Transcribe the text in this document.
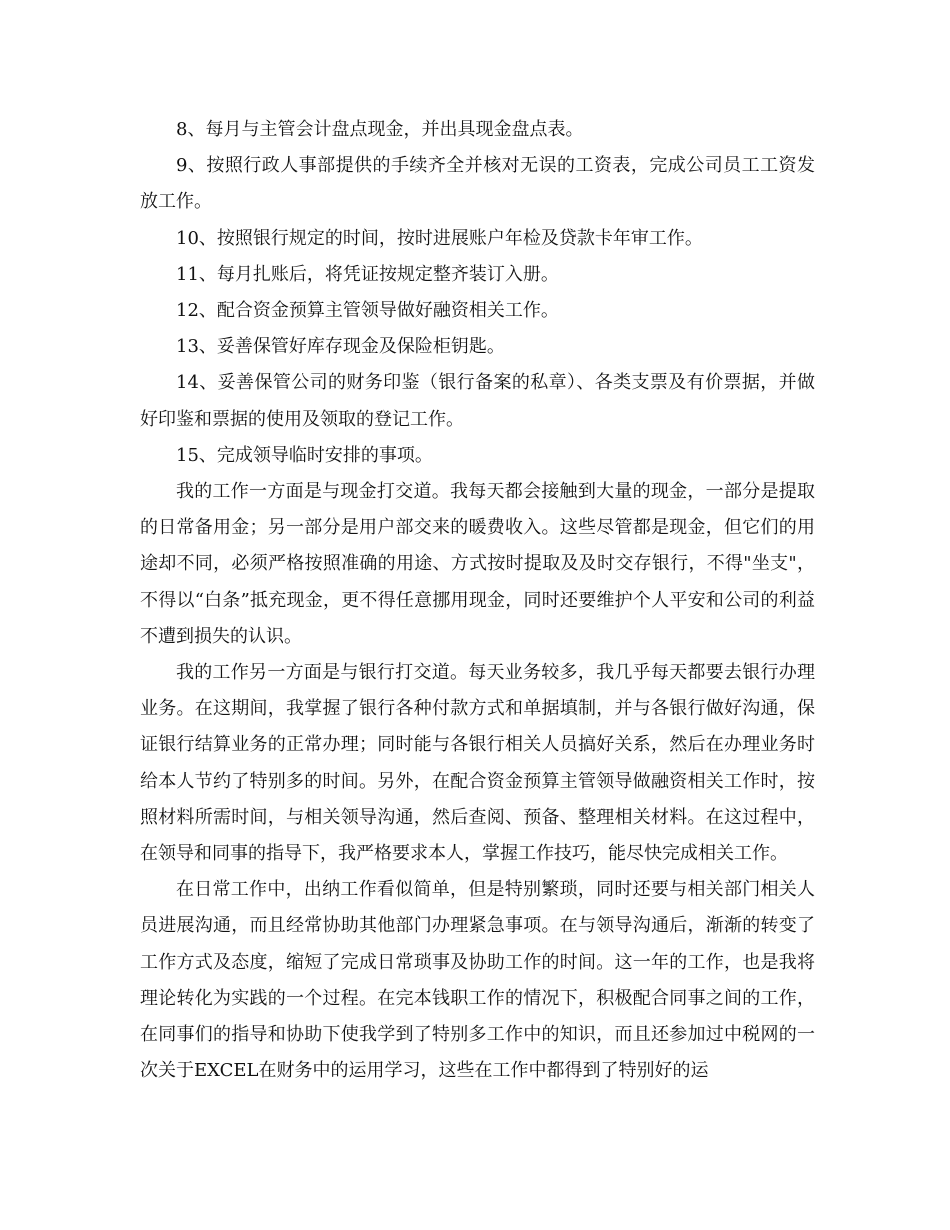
8、每月与主管会计盘点现金，并出具现金盘点表。

9、按照行政人事部提供的手续齐全并核对无误的工资表，完成公司员工工资发放工作。

10、按照银行规定的时间，按时进展账户年检及贷款卡年审工作。

11、每月扎账后，将凭证按规定整齐装订入册。

12、配合资金预算主管领导做好融资相关工作。

13、妥善保管好库存现金及保险柜钥匙。

14、妥善保管公司的财务印鉴（银行备案的私章）、各类支票及有价票据，并做好印鉴和票据的使用及领取的登记工作。

15、完成领导临时安排的事项。

我的工作一方面是与现金打交道。我每天都会接触到大量的现金，一部分是提取的日常备用金；另一部分是用户部交来的暖费收入。这些尽管都是现金，但它们的用途却不同，必须严格按照准确的用途、方式按时提取及及时交存银行，不得"坐支"，不得以“白条”抵充现金，更不得任意挪用现金，同时还要维护个人平安和公司的利益不遭到损失的认识。

我的工作另一方面是与银行打交道。每天业务较多，我几乎每天都要去银行办理业务。在这期间，我掌握了银行各种付款方式和单据填制，并与各银行做好沟通，保证银行结算业务的正常办理；同时能与各银行相关人员搞好关系，然后在办理业务时给本人节约了特别多的时间。另外，在配合资金预算主管领导做融资相关工作时，按照材料所需时间，与相关领导沟通，然后查阅、预备、整理相关材料。在这过程中，在领导和同事的指导下，我严格要求本人，掌握工作技巧，能尽快完成相关工作。

在日常工作中，出纳工作看似简单，但是特别繁琐，同时还要与相关部门相关人员进展沟通，而且经常协助其他部门办理紧急事项。在与领导沟通后，渐渐的转变了工作方式及态度，缩短了完成日常琐事及协助工作的时间。这一年的工作，也是我将理论转化为实践的一个过程。在完本钱职工作的情况下，积极配合同事之间的工作，在同事们的指导和协助下使我学到了特别多工作中的知识，而且还参加过中税网的一次关于EXCEL在财务中的运用学习，这些在工作中都得到了特别好的运
